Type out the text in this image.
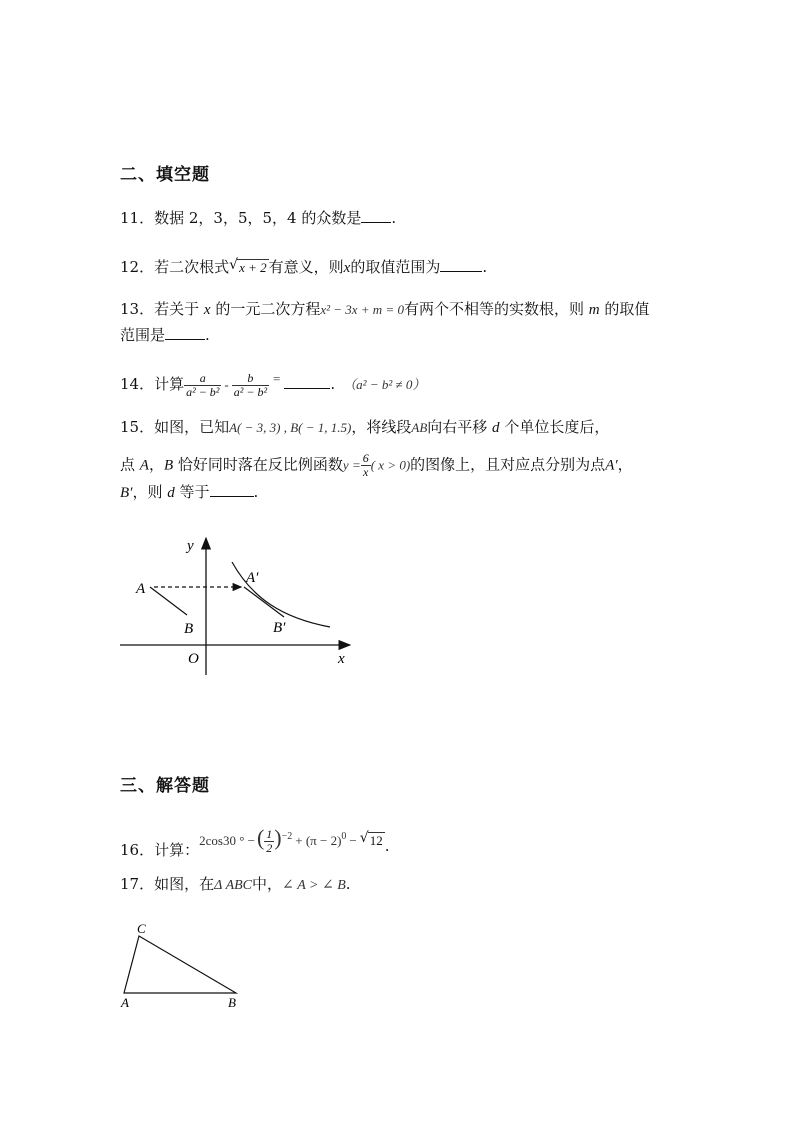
二、填空题
11．数据 2，3，5，5，4 的众数是 .
12．若二次根式 √ x + 2 有意义，则x的取值范围为	.
13．若关于 x 的一元二次方程x² − 3x + m = 0有两个不相等的实数根，则 m 的取值
范围是	.
14．计算 $\frac{a}{\text{a² − b²}} - \frac{b}{\text{a² − b²}}$ =	. （a² − b² ≠ 0）
15．如图，已知A( − 3, 3) , B( − 1, 1.5)，将线段AB向右平移 d 个单位长度后，
点 A，B 恰好同时落在反比例函数$y = \frac{6}{x}$ ( x > 0)的图像上，且对应点分别为点A′，
B′，则 d 等于	.
y
x
O
A
B
A′
B′
三、解答题
16．计算：2cos30 ° −( $\frac{1}{2} )^{-2} + (\pi - 2)^0$ − √ 12 .
17．如图，在Δ ABC中，∠ A > ∠ B.
C
A	B
